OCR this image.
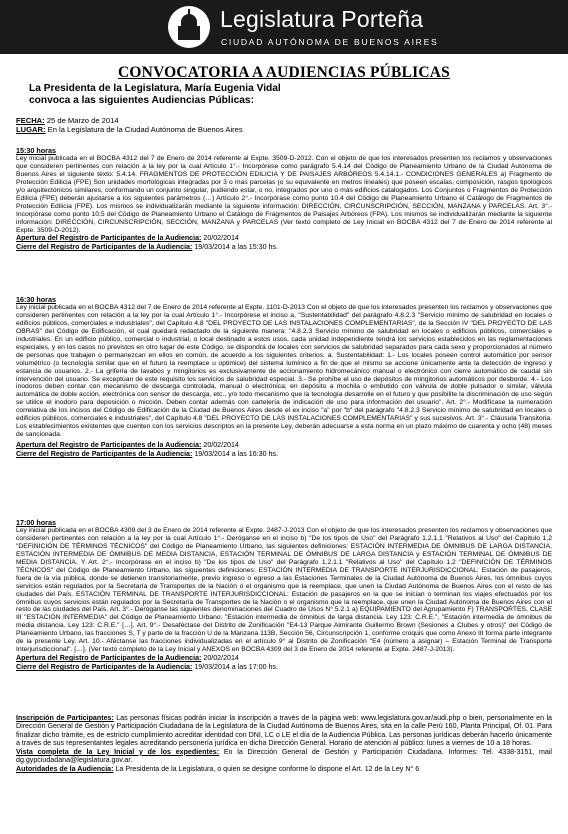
Legislatura Porteña
CIUDAD AUTÓNOMA DE BUENOS AIRES
CONVOCATORIA A AUDIENCIAS PÚBLICAS
La Presidenta de la Legislatura, María Eugenia Vidal
convoca a las siguientes Audiencias Públicas:
FECHA: 25 de Marzo de 2014
LUGAR: En la Legislatura de la Ciudad Autónoma de Buenos Aires
15:30 horas

Ley inicial publicada en el BOCBA 4312 del 7 de Enero de 2014 referente al Expte. 3509-D-2012. Con el objeto de que los interesados presenten los reclamos y observaciones que consideren pertinentes con relación a la ley por la cual Artículo 1°.- Incorpórese como parágrafo 5.4.14 del Código de Planeamiento Urbano de la Ciudad Autónoma de Buenos Aires el siguiente texto: 5.4.14. FRAGMENTOS DE PROTECCIÓN EDILICIA Y DE PAISAJES ARBÓREOS 5.4.14.1.- CONDICIONES GENERALES a) Fragmento de Protección Edilicia (FPE) Son unidades morfológicas integradas por 3 o mas parcelas (o su equivalente en metros lineales) que poseen escalas, composición, rasgos tipológicos y/o arquitectónicos similares, conformando un conjunto singular, pudiendo estar, o no, integrados por uno o más edificios catalogados. Los Conjuntos o Fragmentos de Protección Edilicia (FPE) deberán ajustarse a los siguientes parámetros (…) Artículo 2°.- Incorpórase como punto 10.4 del Código de Planeamiento Urbano el Catálogo de Fragmentos de Protección Edilicia (FPE). Los mismos se individualizarán mediante la siguiente información: DIRECCIÓN, CIRCUNSCRIPCIÓN, SECCIÓN, MANZANA y PARCELAS. Art. 3°.- Incorpórase como punto 10.5 del Código de Planeamiento Urbano el Catálogo de Fragmentos de Paisajes Arbóreos (FPA). Los mismos se individualizarán mediante la siguiente información: DIRECCIÓN, CIRCUNSCRIPCIÓN, SECCIÓN, MANZANA y PARCELAS (Ver texto completo de Ley Inicial en BOCBA 4312 del 7 de Enero de 2014 referente al Expte. 3509-D-2012).

Apertura del Registro de Participantes de la Audiencia: 20/02/2014
Cierre del Registro de Participantes de la Audiencia: 19/03/2014 a las 15:30 hs.
16:30 horas

Ley inicial publicada en el BOCBA 4312 del 7 de Enero de 2014 referente al Expte. 1101-D-2013 Con el objeto de que los interesados presenten los reclamos y observaciones que consideren pertinentes con relación a la ley por la cual Artículo 1°.- Incorpórese el inciso a, "Sustentabilidad" del parágrafo 4.8.2.3 "Servicio mínimo de salubridad en locales o edificios públicos, comerciales e industriales", del Capítulo 4.8 "DEL PROYECTO DE LAS INSTALACIONES COMPLEMENTARIAS", de la Sección IV "DEL PROYECTO DE LAS OBRAS" del Código de Edificación, el cual quedará redactado de la siguiente manera: "4.8.2.3 Servicio mínimo de salubridad en locales o edificios públicos, comerciales e industriales. En un edificio público, comercial o industrial, o local destinado a estos usos, cada unidad independiente tendrá los servicios establecidos en las reglamentaciones especiales, y en los casos no previstos en otro lugar de este Código, se dispondrá de locales con servicios de salubridad separados para cada sexo y proporcionados al número de personas que trabajen o permanezcan en ellos en común, de acuerdo a los siguientes criterios: a. Sustentabilidad: 1.- Los locales poseen control automático por sensor volumétrico (o tecnología similar que en el futuro la reemplace u optimice) del sistema lumínico a fin de que el mismo se accione únicamente ante la detección de ingreso y estancia de usuarios. 2.- La grifería de lavabos y mingitorios es exclusivamente de accionamiento hidromecánico manual o electrónico con cierre automático de caudal sin intervención del usuario. Se exceptúan de este requisito los servicios de salubridad especial. 3.- Se prohíbe el uso de depósitos de mingitorios automáticos por desborde. 4.- Los inodoros deben contar con mecanismo de descarga controlada, manual o electrónica; en depósito a mochila o embutido con válvula de doble pulsador o similar, válvula automática de doble acción, electrónica con sensor de descarga, etc., y/o todo mecanismo que la tecnología desarrolle en el futuro y que posibilite la discriminación de uso según se utilice el inodoro para deposición o micción. Deben contar además con cartelería de indicación de uso para información del usuario". Art. 2°.- Modifícase la numeración correlativa de los incisos del Código de Edificación de la Ciudad de Buenos Aires desde el ex inciso "a" por "b" del parágrafo "4.8.2.3 Servicio mínimo de salubridad en locales o edificios públicos, comerciales e industriales", del Capítulo 4.8 "DEL PROYECTO DE LAS INSTALACIONES COMPLEMENTARIAS" y sus sucesivos. Art. 3°.- Cláusula Transitoria. Los establecimientos existentes que cuenten con los servicios descriptos en la presente Ley, deberán adecuarse a esta norma en un plazo máximo de cuarenta y ocho (48) meses de sancionada.

Apertura del Registro de Participantes de la Audiencia: 20/02/2014
Cierre del Registro de Participantes de la Audiencia: 19/03/2014 a las 16:30 hs.
17:00 horas

Ley inicial publicada en el BOCBA 4309 del 3 de Enero de 2014 referente al Expte. 2487-J-2013 Con el objeto de que los interesados presenten los reclamos y observaciones que consideren pertinentes con relación a la ley por la cual Artículo 1°.- Deróganse en el inciso b) "De los tipos de Uso" del Parágrafo 1.2.1.1 "Relativos al Uso" del Capítulo 1.2 "DEFINICIÓN DE TÉRMINOS TÉCNICOS" del Código de Planeamiento Urbano, las siguientes definiciones: ESTACIÓN INTERMEDIA DE ÓMNIBUS DE LARGA DISTANCIA, ESTACIÓN INTERMEDIA DE ÓMNIBUS DE MEDIA DISTANCIA, ESTACIÓN TERMINAL DE ÓMNIBUS DE LARGA DISTANCIA y ESTACIÓN TERMINAL DE ÓMNIBUS DE MEDIA DISTANCIA. Y Art. 2°.- Incorpórase en el inciso b) "De los tipos de Uso" del Parágrafo 1.2.1.1 "Relativos al Uso" del Capítulo 1.2 "DEFINICIÓN DE TÉRMINOS TÉCNICOS" del Código de Planeamiento Urbano, las siguientes definiciones: ESTACIÓN INTERMEDIA DE TRANSPORTE INTERJURISDICCIONAL: Estación de pasajeros, fuera de la vía pública, donde se detienen transitoriamente, previo ingreso o egreso a las Estaciones Terminales de la Ciudad Autónoma de Buenos Aires, los ómnibus cuyos servicios están regulados por la Secretaría de Transportes de la Nación o el organismo que la reemplace, que unen la Ciudad Autónoma de Buenos Aires con el resto de las ciudades del País. ESTACIÓN TERMINAL DE TRANSPORTE INTERJURISDICCIONAL: Estación de pasajeros en la que se inician o terminan los viajes efectuados por los ómnibus cuyos servicios están regulados por la Secretaría de Transportes de la Nación o el organismo que la reemplace, que unen la Ciudad Autónoma de Buenos Aires con el resto de las ciudades del País. Art. 3°.- Deróganse las siguientes denominaciones del Cuadro de Usos N° 5.2.1 a) EQUIPAMIENTO del Agrupamiento F) TRANSPORTES, CLASE III "ESTACIÓN INTERMEDIA" del Código de Planeamiento Urbano: "Estación intermedia de ómnibus de larga distancia. Ley 123: C.R.E.", "Estación intermedia de ómnibus de media distancia. Ley 123: C.R.E." […]. Art. 9°.- Desaféctase del Distrito de Zonificación "E4-13 Parque Almirante Guillermo Brown (Sesiones a Clubes y otros)" del Código de Planeamiento Urbano, las fracciones S, T y parte de la fracción U de la Manzana 113B, Sección 56, Circunscripción 1, conforme croquis que como Anexo III forma parte integrante de la presente Ley. Art. 10.- Aféctanse las fracciones individualizadas en el artículo 9° al Distrito de Zonificación "E4 (número a asignar) – Estación Terminal de Transporte Interjurisdiccional". […]. (Ver texto completo de la Ley Inicial y ANEXOS en BOCBA 4309 del 3 de Enero de 2014 referente al Expte. 2487-J-2013).

Apertura del Registro de Participantes de la Audiencia: 20/02/2014
Cierre del Registro de Participantes de la Audiencia: 19/03/2014 a las 17:00 hs.

Inscripción de Participantes: Las personas físicas podrán iniciar la inscripción a través de la página web: www.legislatura.gov.ar/audi.php o bien, personalmente en la Dirección General de Gestión y Participación Ciudadana de la Legislatura de la Ciudad Autónoma de Buenos Aires, sita en la calle Perú 160, Planta Principal, Of. 01. Para finalizar dicho trámite, es de estricto cumplimiento acreditar identidad con DNI, LC o LE el día de la Audiencia Pública. Las personas jurídicas deberán hacerlo únicamente a través de sus representantes legales acreditando personería jurídica en dicha Dirección General. Horario de atención al público: lunes a viernes de 10 a 18 horas.

Vista completa de la Ley Inicial y de los expedientes: En la Dirección General de Gestión y Participación Ciudadana. Informes: Tel. 4338-3151, mail dg.gypciudadana@legislatura.gov.ar.

Autoridades de la Audiencia: La Presidenta de la Legislatura, o quien se designe conforme lo dispone el Art. 12 de la Ley N° 6
